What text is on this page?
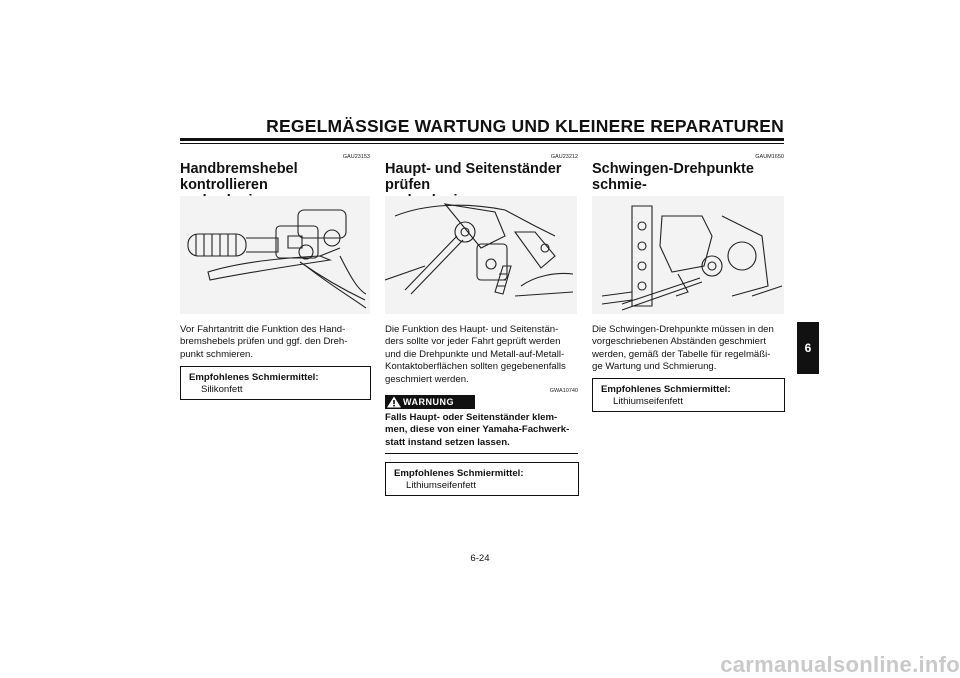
REGELMÄSSIGE WARTUNG UND KLEINERE REPARATUREN
6
GAU23153
Handbremshebel kontrollieren
Vor Fahrtantritt die Funktion des Hand-
bremshebels prüfen und ggf. den Dreh-
punkt schmieren.
Empfohlenes Schmiermittel:
Silikonfett
GAU23212
Haupt- und Seitenständer prüfen
Die Funktion des Haupt- und Seitenstän-
ders sollte vor jeder Fahrt geprüft werden
und die Drehpunkte und Metall-auf-Metall-
Kontaktoberflächen sollten gegebenenfalls
geschmiert werden.
GWA10740
WARNUNG
Falls Haupt- oder Seitenständer klem-
men, diese von einer Yamaha-Fachwerk-
statt instand setzen lassen.
Empfohlenes Schmiermittel:
Lithiumseifenfett
GAUM1650
Schwingen-Drehpunkte schmie-
Die Schwingen-Drehpunkte müssen in den
vorgeschriebenen Abständen geschmiert
werden, gemäß der Tabelle für regelmäßi-
ge Wartung und Schmierung.
Empfohlenes Schmiermittel:
Lithiumseifenfett
6-24
carmanualsonline.info
